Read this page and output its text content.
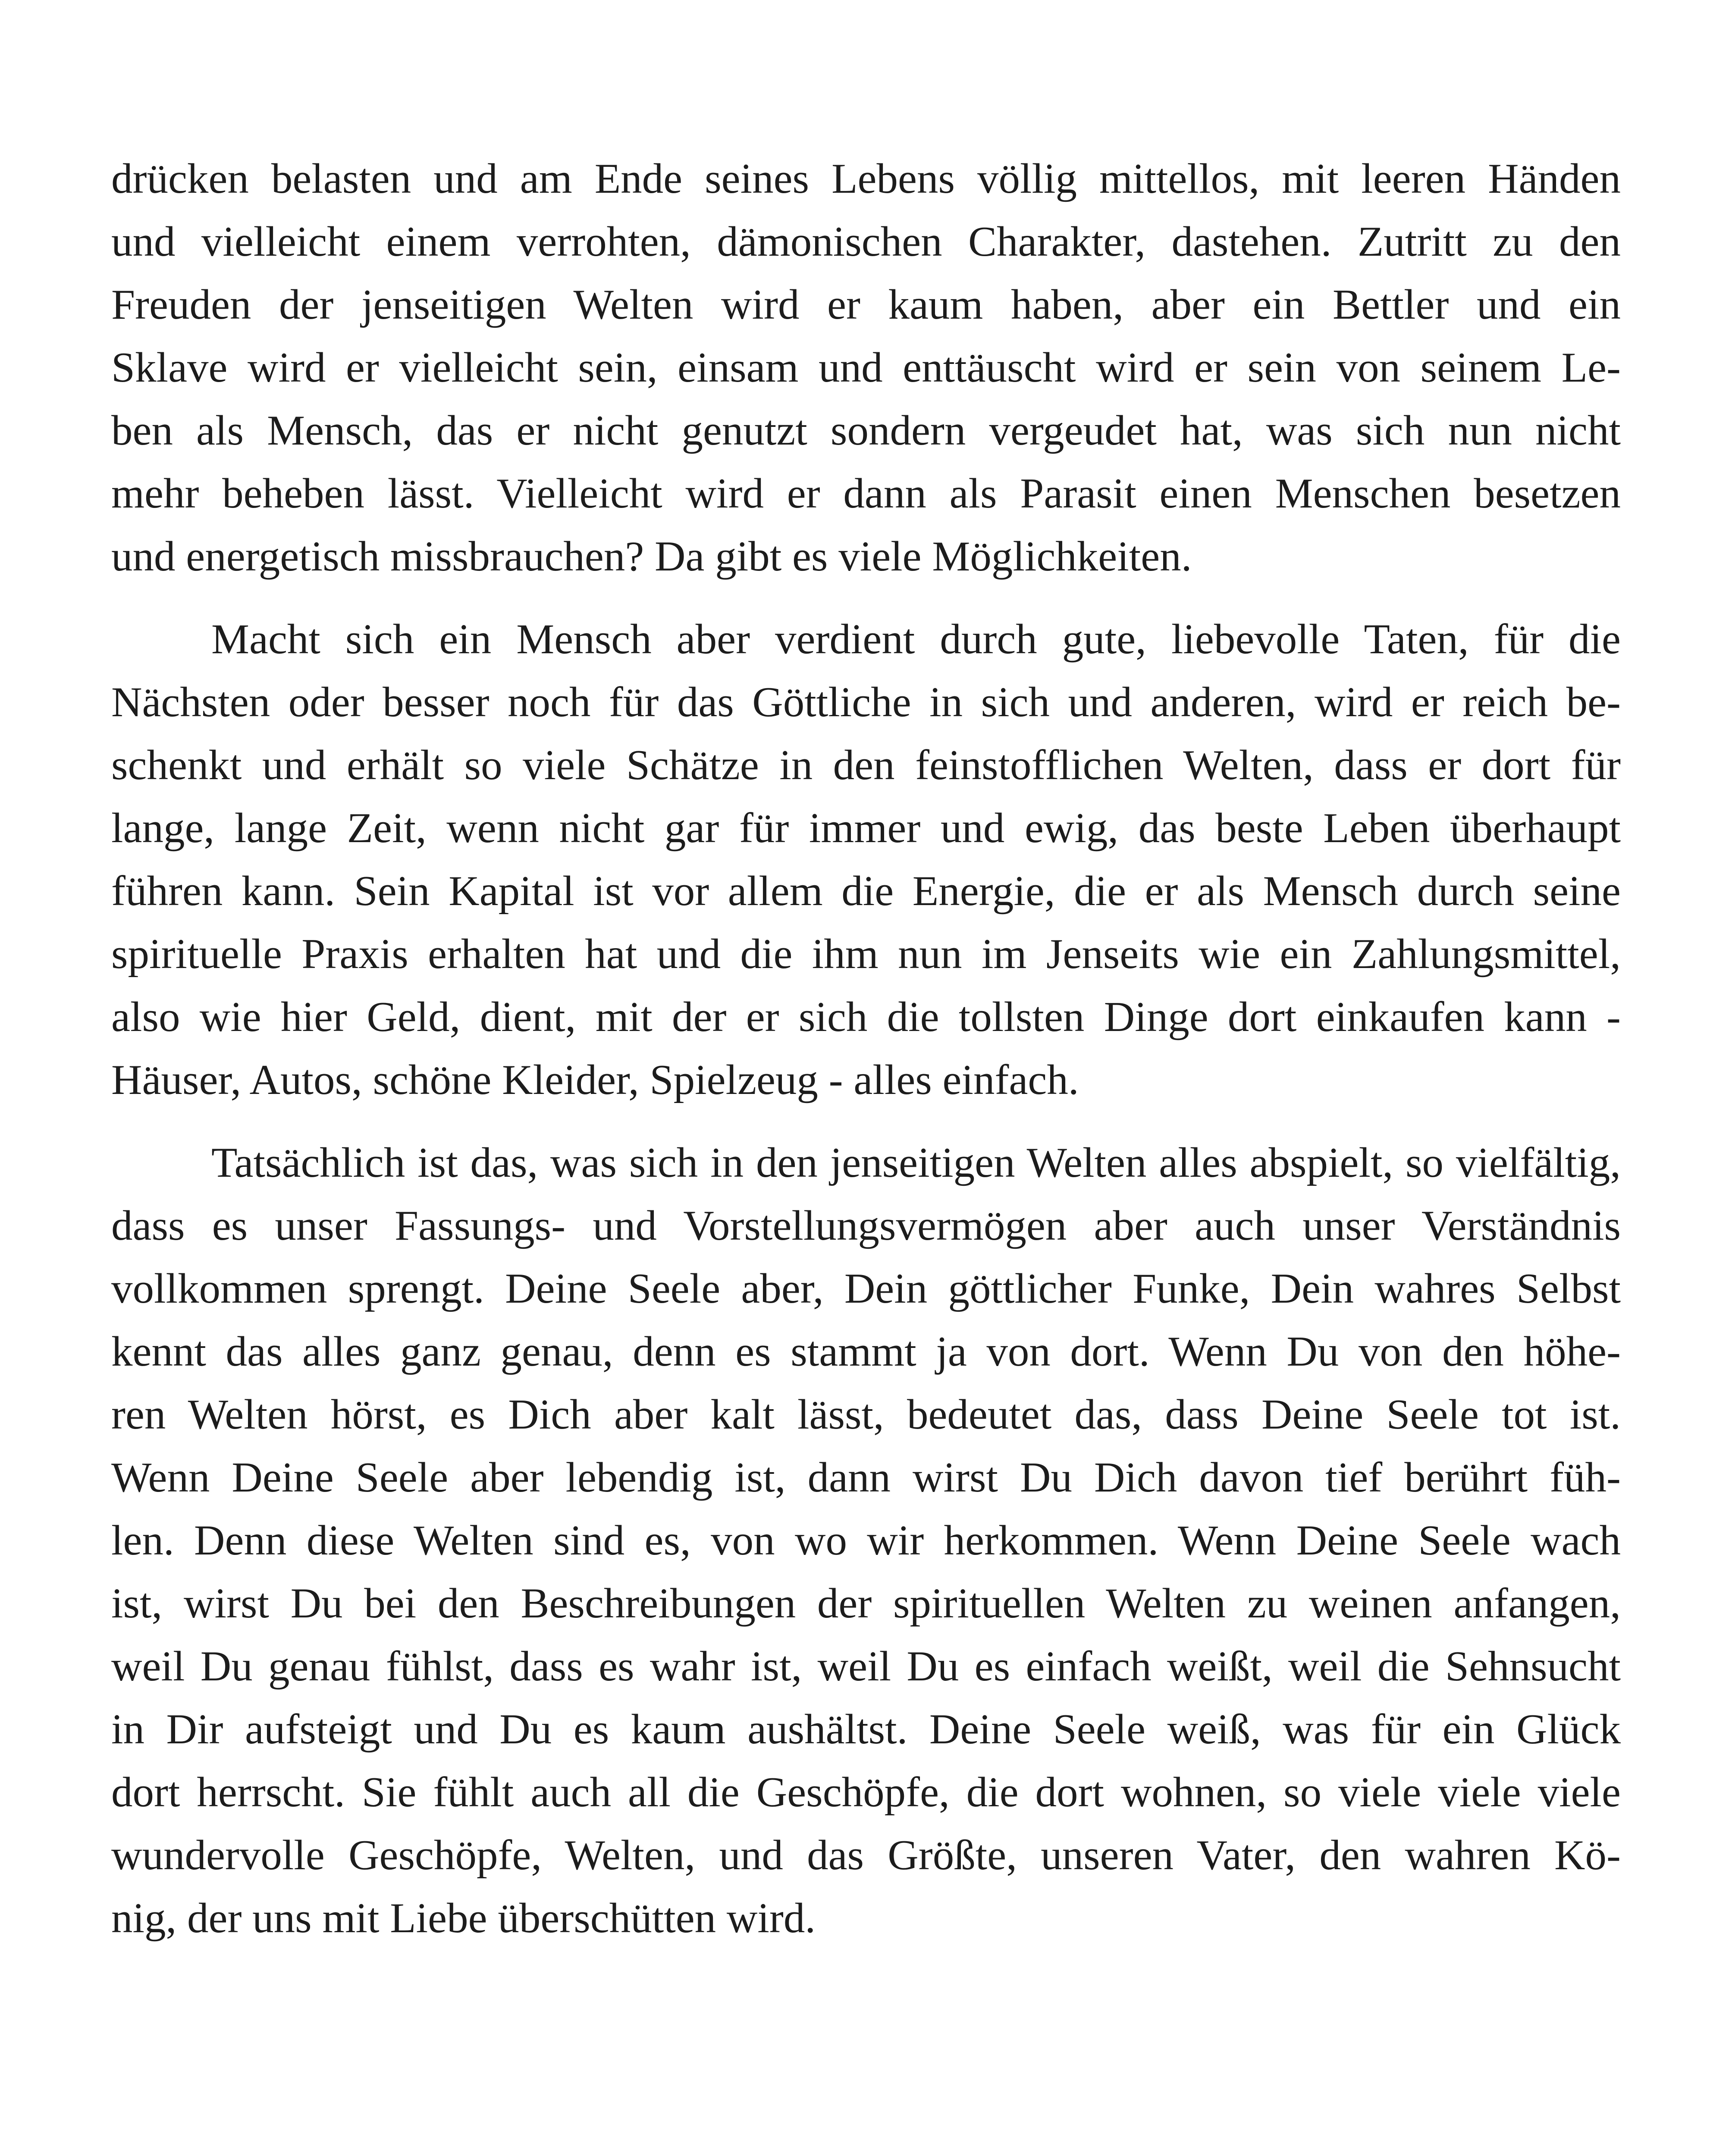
drücken belasten und am Ende seines Lebens völlig mittellos, mit leeren Händen
und vielleicht einem verrohten, dämonischen Charakter, dastehen. Zutritt zu den
Freuden der jenseitigen Welten wird er kaum haben, aber ein Bettler und ein
Sklave wird er vielleicht sein, einsam und enttäuscht wird er sein von seinem Le-
ben als Mensch, das er nicht genutzt sondern vergeudet hat, was sich nun nicht
mehr beheben lässt. Vielleicht wird er dann als Parasit einen Menschen besetzen
und energetisch missbrauchen? Da gibt es viele Möglichkeiten.
Macht sich ein Mensch aber verdient durch gute, liebevolle Taten, für die
Nächsten oder besser noch für das Göttliche in sich und anderen, wird er reich be-
schenkt und erhält so viele Schätze in den feinstofflichen Welten, dass er dort für
lange, lange Zeit, wenn nicht gar für immer und ewig, das beste Leben überhaupt
führen kann. Sein Kapital ist vor allem die Energie, die er als Mensch durch seine
spirituelle Praxis erhalten hat und die ihm nun im Jenseits wie ein Zahlungsmittel,
also wie hier Geld, dient, mit der er sich die tollsten Dinge dort einkaufen kann -
Häuser, Autos, schöne Kleider, Spielzeug - alles einfach.
Tatsächlich ist das, was sich in den jenseitigen Welten alles abspielt, so vielfältig,
dass es unser Fassungs- und Vorstellungsvermögen aber auch unser Verständnis
vollkommen sprengt. Deine Seele aber, Dein göttlicher Funke, Dein wahres Selbst
kennt das alles ganz genau, denn es stammt ja von dort. Wenn Du von den höhe-
ren Welten hörst, es Dich aber kalt lässt, bedeutet das, dass Deine Seele tot ist.
Wenn Deine Seele aber lebendig ist, dann wirst Du Dich davon tief berührt füh-
len. Denn diese Welten sind es, von wo wir herkommen. Wenn Deine Seele wach
ist, wirst Du bei den Beschreibungen der spirituellen Welten zu weinen anfangen,
weil Du genau fühlst, dass es wahr ist, weil Du es einfach weißt, weil die Sehnsucht
in Dir aufsteigt und Du es kaum aushältst. Deine Seele weiß, was für ein Glück
dort herrscht. Sie fühlt auch all die Geschöpfe, die dort wohnen, so viele viele viele
wundervolle Geschöpfe, Welten, und das Größte, unseren Vater, den wahren Kö-
nig, der uns mit Liebe überschütten wird.
